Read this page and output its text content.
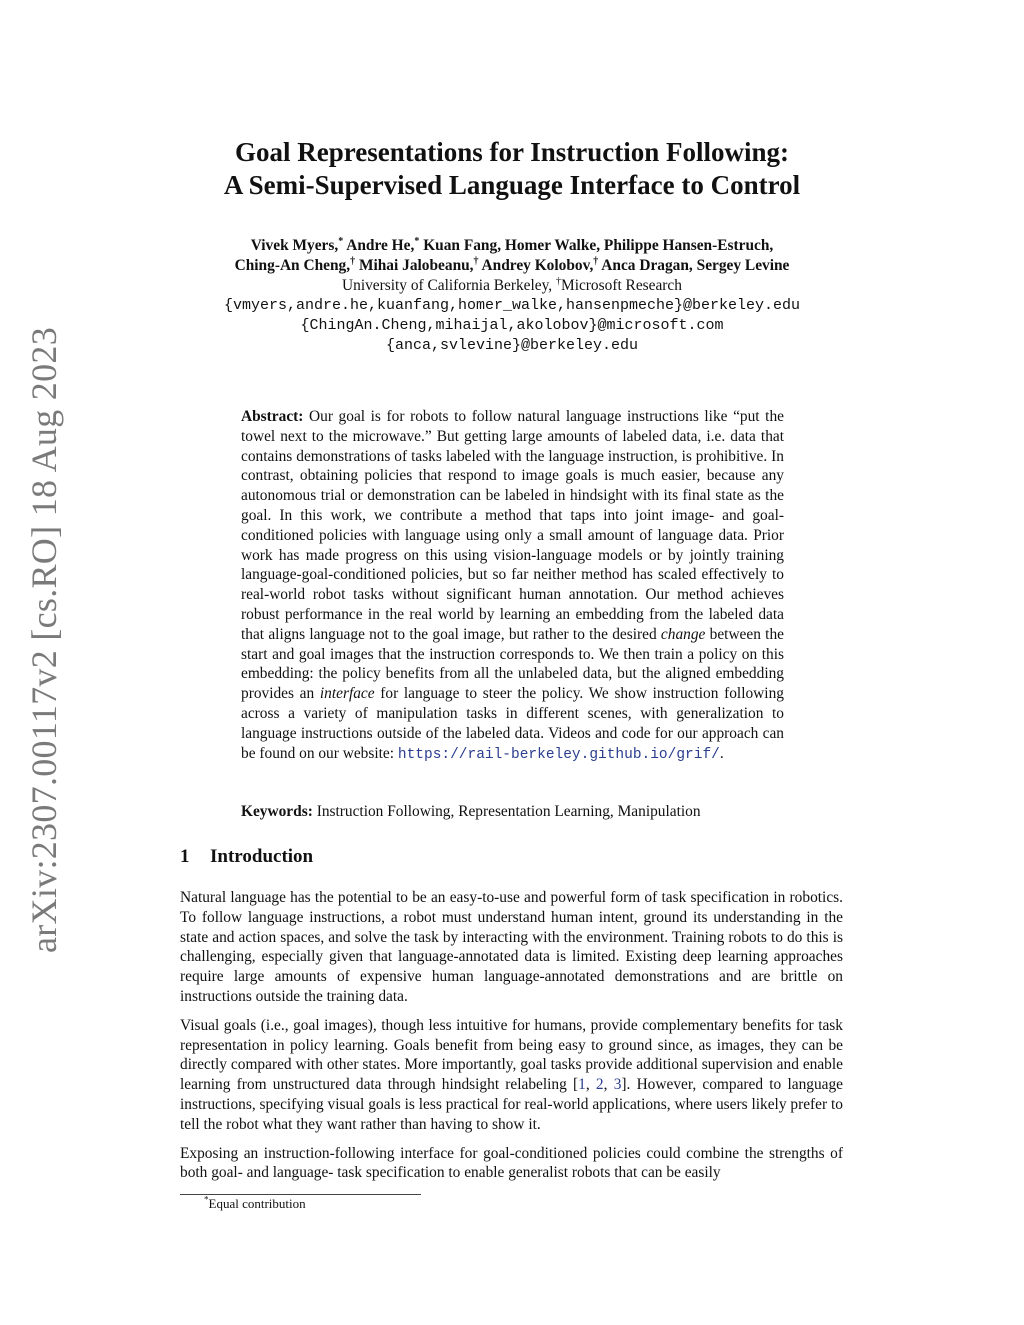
arXiv:2307.00117v2 [cs.RO] 18 Aug 2023
Goal Representations for Instruction Following:
A Semi-Supervised Language Interface to Control
Vivek Myers,* Andre He,* Kuan Fang, Homer Walke, Philippe Hansen-Estruch,
Ching-An Cheng,† Mihai Jalobeanu,† Andrey Kolobov,† Anca Dragan, Sergey Levine
University of California Berkeley, †Microsoft Research
{vmyers,andre.he,kuanfang,homer_walke,hansenpmeche}@berkeley.edu
{ChingAn.Cheng,mihaijal,akolobov}@microsoft.com
{anca,svlevine}@berkeley.edu
Abstract: Our goal is for robots to follow natural language instructions like “put the towel next to the microwave.” But getting large amounts of labeled data, i.e. data that contains demonstrations of tasks labeled with the language instruction, is prohibitive. In contrast, obtaining policies that respond to image goals is much easier, because any autonomous trial or demonstration can be labeled in hindsight with its final state as the goal. In this work, we contribute a method that taps into joint image- and goal- conditioned policies with language using only a small amount of language data. Prior work has made progress on this using vision-language models or by jointly training language-goal-conditioned policies, but so far neither method has scaled effectively to real-world robot tasks without significant human annotation. Our method achieves robust performance in the real world by learning an embedding from the labeled data that aligns language not to the goal image, but rather to the desired change between the start and goal images that the instruction corresponds to. We then train a policy on this embedding: the policy benefits from all the unlabeled data, but the aligned embedding provides an interface for language to steer the policy. We show instruction following across a variety of manipulation tasks in different scenes, with generalization to language instructions outside of the labeled data. Videos and code for our approach can be found on our website: https://rail-berkeley.github.io/grif/.
Keywords: Instruction Following, Representation Learning, Manipulation
1 Introduction

Natural language has the potential to be an easy-to-use and powerful form of task specification in robotics. To follow language instructions, a robot must understand human intent, ground its understanding in the state and action spaces, and solve the task by interacting with the environment. Training robots to do this is challenging, especially given that language-annotated data is limited. Existing deep learning approaches require large amounts of expensive human language-annotated demonstrations and are brittle on instructions outside the training data.

Visual goals (i.e., goal images), though less intuitive for humans, provide complementary benefits for task representation in policy learning. Goals benefit from being easy to ground since, as images, they can be directly compared with other states. More importantly, goal tasks provide additional supervision and enable learning from unstructured data through hindsight relabeling [1, 2, 3]. However, compared to language instructions, specifying visual goals is less practical for real-world applications, where users likely prefer to tell the robot what they want rather than having to show it.

Exposing an instruction-following interface for goal-conditioned policies could combine the strengths of both goal- and language- task specification to enable generalist robots that can be easily

*Equal contribution
